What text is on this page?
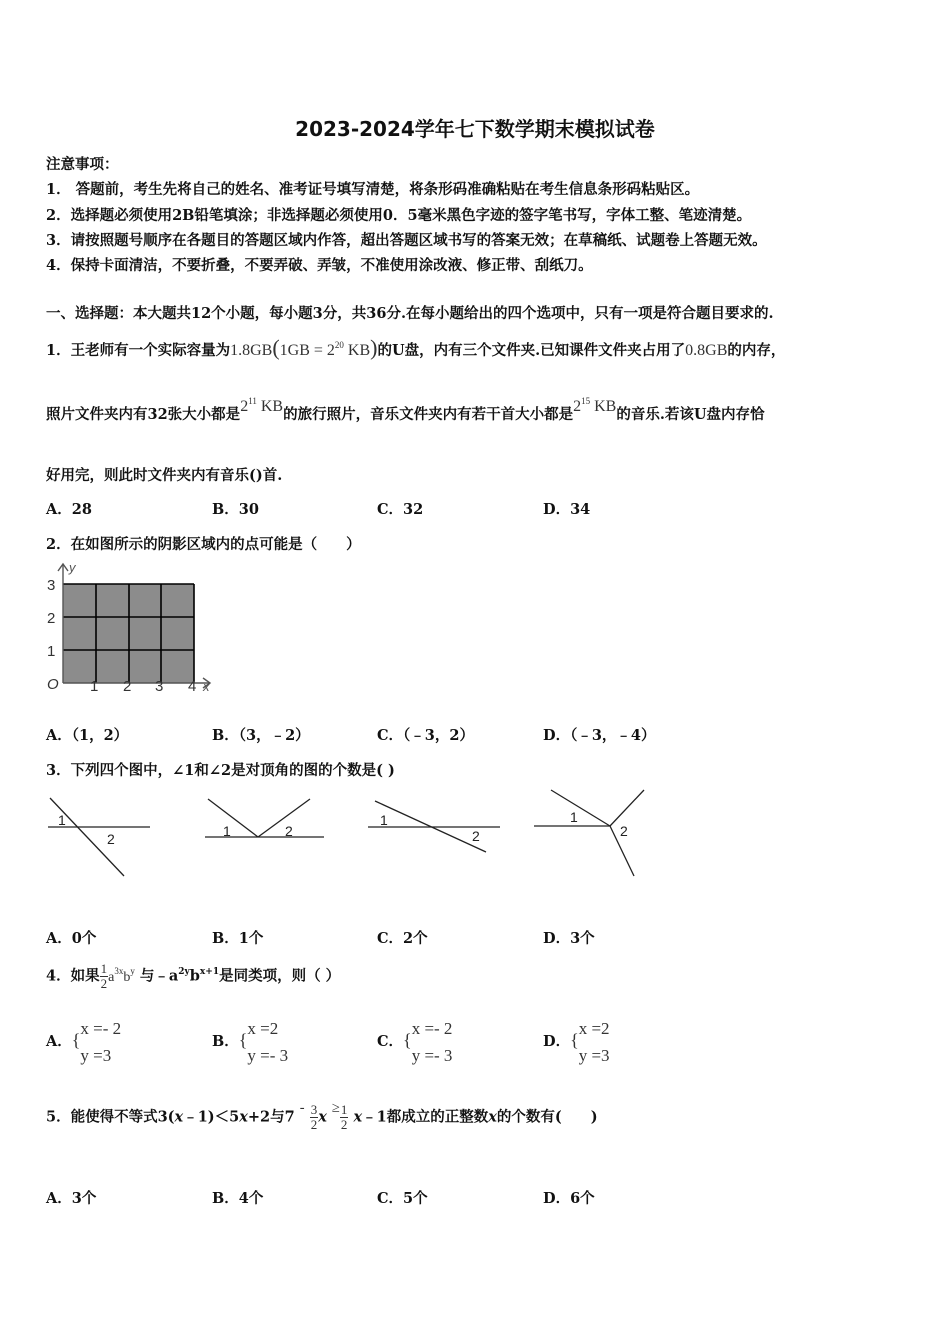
2023-2024学年七下数学期末模拟试卷
注意事项：
1． 答题前，考生先将自己的姓名、准考证号填写清楚，将条形码准确粘贴在考生信息条形码粘贴区。
2．选择题必须使用2B铅笔填涂；非选择题必须使用0．5毫米黑色字迹的签字笔书写，字体工整、笔迹清楚。
3．请按照题号顺序在各题目的答题区域内作答，超出答题区域书写的答案无效；在草稿纸、试题卷上答题无效。
4．保持卡面清洁，不要折叠，不要弄破、弄皱，不准使用涂改液、修正带、刮纸刀。
一、选择题：本大题共12个小题，每小题3分，共36分.在每小题给出的四个选项中，只有一项是符合题目要求的.
1．王老师有一个实际容量为$1.8GB(1GB = 2^{20}$ KB)的U盘，内有三个文件夹.已知课件文件夹占用了0.8GB的内存，
照片文件夹内有32张大小都是$2^{11}$ KB的旅行照片，音乐文件夹内有若干首大小都是$2^{15}$ KB的音乐.若该U盘内存恰
好用完，则此时文件夹内有音乐()首.
A．28	B．30	C．32	D．34
2．在如图所示的阴影区域内的点可能是（　　）
y
x
O 1 2 3 4
1
2
3
A．（1，2）	B．（3，﹣2）	C．（﹣3，2）	D．（﹣3，﹣4）
3．下列四个图中，∠1和∠2是对顶角的图的个数是( )
1
2	1	2
1
2
1
2
A．0个	B．1个	C．2个	D．3个
4．如果 $\frac{1}{2} a^{3x}b^y$ 与$﹣a^{2y}b^{x+1}$是同类项，则（ ）
A．{
x =- 2
y =3
B．{
x =2
y =- 3
C．{
x =- 2
y =- 3
D．{
x =2
y =3
5．能使得不等式3(x﹣1)＜5x+2与$7 - \frac{3}{2}$ $x \ge \frac{1}{2}$ x﹣1都成立的正整数x的个数有(　　)
A．3个	B．4个	C．5个	D．6个
